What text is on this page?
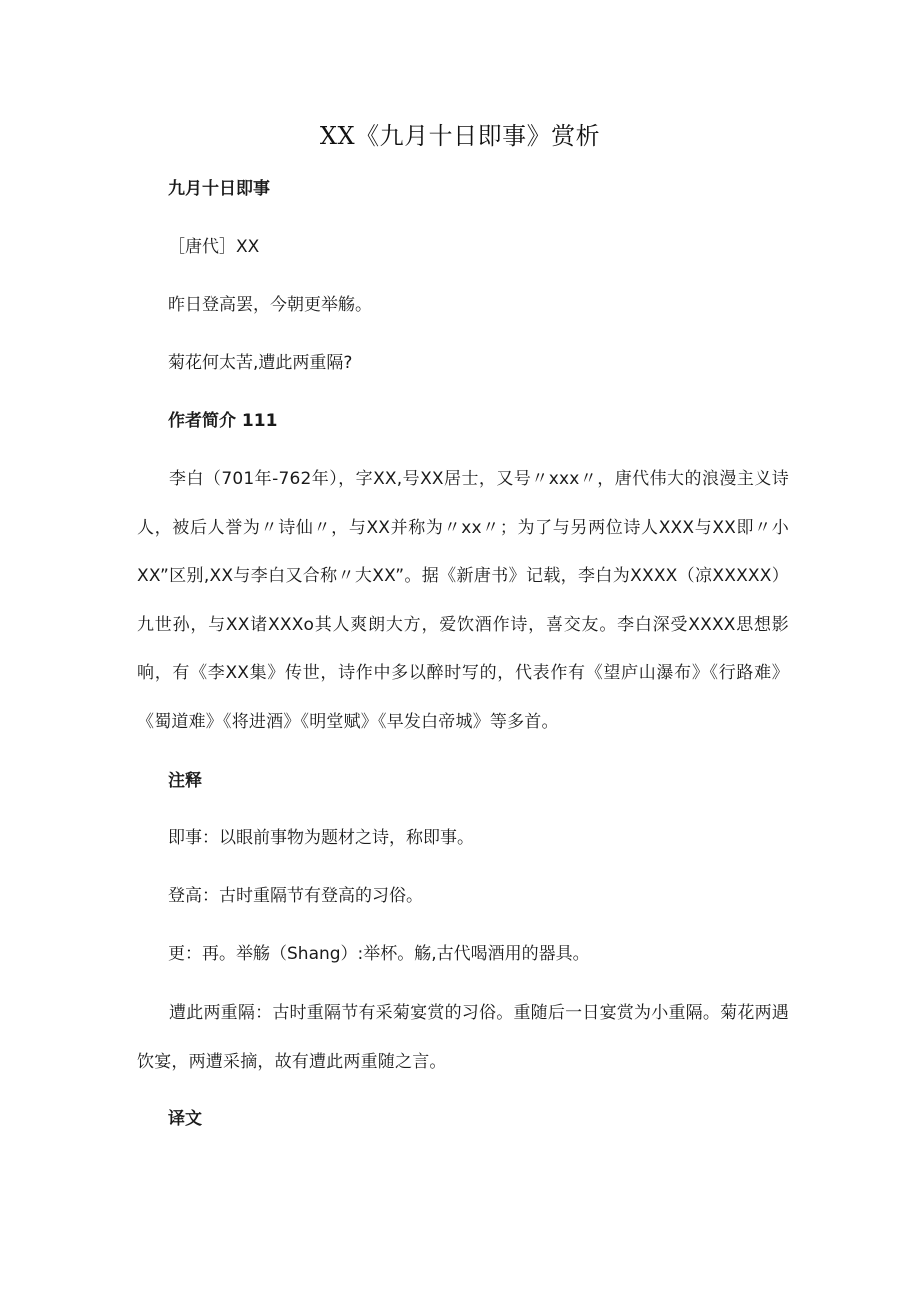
XX《九月十日即事》赏析
九月十日即事
［唐代］XX
昨日登高罢，今朝更举觞。
菊花何太苦,遭此两重隔?
作者简介 111
李白（701年-762年），字XX,号XX居士，又号〃xxx〃，唐代伟大的浪漫主义诗人，被后人誉为〃诗仙〃，与XX并称为〃xx〃；为了与另两位诗人XXX与XX即〃小XX”区别,XX与李白又合称〃大XX”。据《新唐书》记载，李白为XXXX（凉XXXXX）九世孙，与XX诸XXXo其人爽朗大方，爱饮酒作诗，喜交友。李白深受XXXX思想影响，有《李XX集》传世，诗作中多以醉时写的，代表作有《望庐山瀑布》《行路难》《蜀道难》《将进酒》《明堂赋》《早发白帝城》等多首。
注释
即事：以眼前事物为题材之诗，称即事。
登高：古时重隔节有登高的习俗。
更：再。举觞（Shang）:举杯。觞,古代喝酒用的器具。
遭此两重隔：古时重隔节有采菊宴赏的习俗。重随后一日宴赏为小重隔。菊花两遇饮宴，两遭采摘，故有遭此两重随之言。
译文
